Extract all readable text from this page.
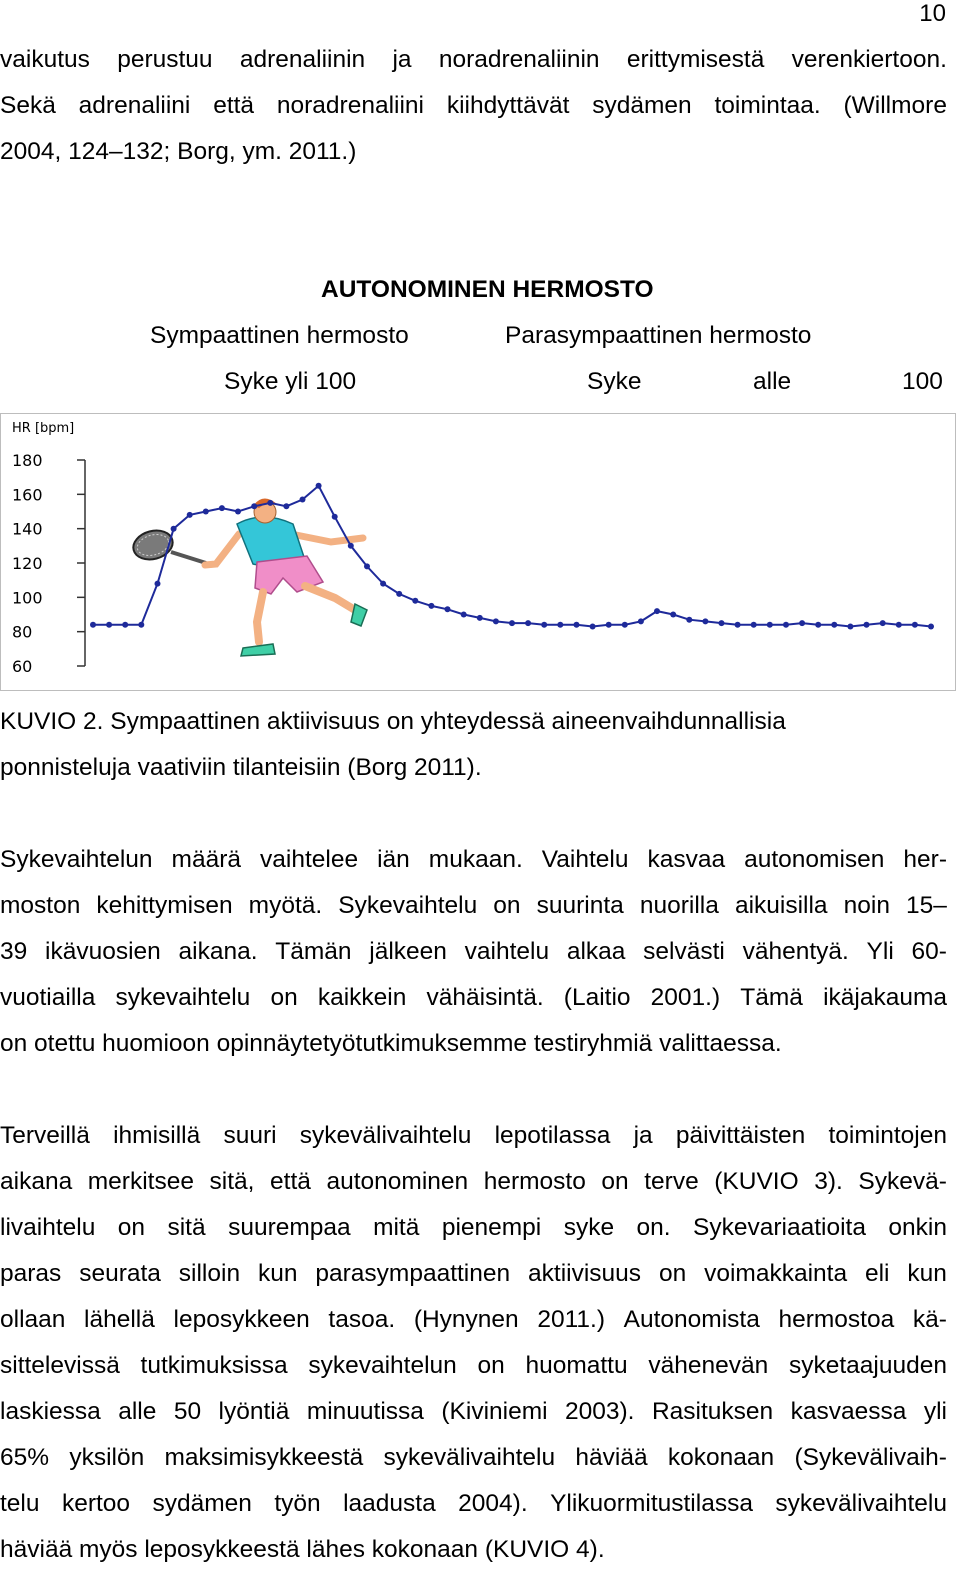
10
vaikutus perustuu adrenaliinin ja noradrenaliinin erittymisestä verenkiertoon.
Sekä adrenaliini että noradrenaliini kiihdyttävät sydämen toimintaa. (Willmore
2004, 124–132; Borg, ym. 2011.)
AUTONOMINEN HERMOSTO
Sympaattinen hermosto	Parasympaattinen hermosto
Syke yli 100	Syke	alle	100
HR [bpm]
180
160
140
120
100
80
60
KUVIO 2. Sympaattinen aktiivisuus on yhteydessä aineenvaihdunnallisia
ponnisteluja vaativiin tilanteisiin (Borg 2011).
Sykevaihtelun määrä vaihtelee iän mukaan. Vaihtelu kasvaa autonomisen her-
moston kehittymisen myötä. Sykevaihtelu on suurinta nuorilla aikuisilla noin 15–
39 ikävuosien aikana. Tämän jälkeen vaihtelu alkaa selvästi vähentyä. Yli 60-
vuotiailla sykevaihtelu on kaikkein vähäisintä. (Laitio 2001.) Tämä ikäjakauma
on otettu huomioon opinnäytetyötutkimuksemme testiryhmiä valittaessa.
Terveillä ihmisillä suuri sykevälivaihtelu lepotilassa ja päivittäisten toimintojen
aikana merkitsee sitä, että autonominen hermosto on terve (KUVIO 3). Sykevä-
livaihtelu on sitä suurempaa mitä pienempi syke on. Sykevariaatioita onkin
paras seurata silloin kun parasympaattinen aktiivisuus on voimakkainta eli kun
ollaan lähellä leposykkeen tasoa. (Hynynen 2011.) Autonomista hermostoa kä-
sittelevissä tutkimuksissa sykevaihtelun on huomattu vähenevän syketaajuuden
laskiessa alle 50 lyöntiä minuutissa (Kiviniemi 2003). Rasituksen kasvaessa yli
65% yksilön maksimisykkeestä sykevälivaihtelu häviää kokonaan (Sykevälivaih-
telu kertoo sydämen työn laadusta 2004). Ylikuormitustilassa sykevälivaihtelu
häviää myös leposykkeestä lähes kokonaan (KUVIO 4).
